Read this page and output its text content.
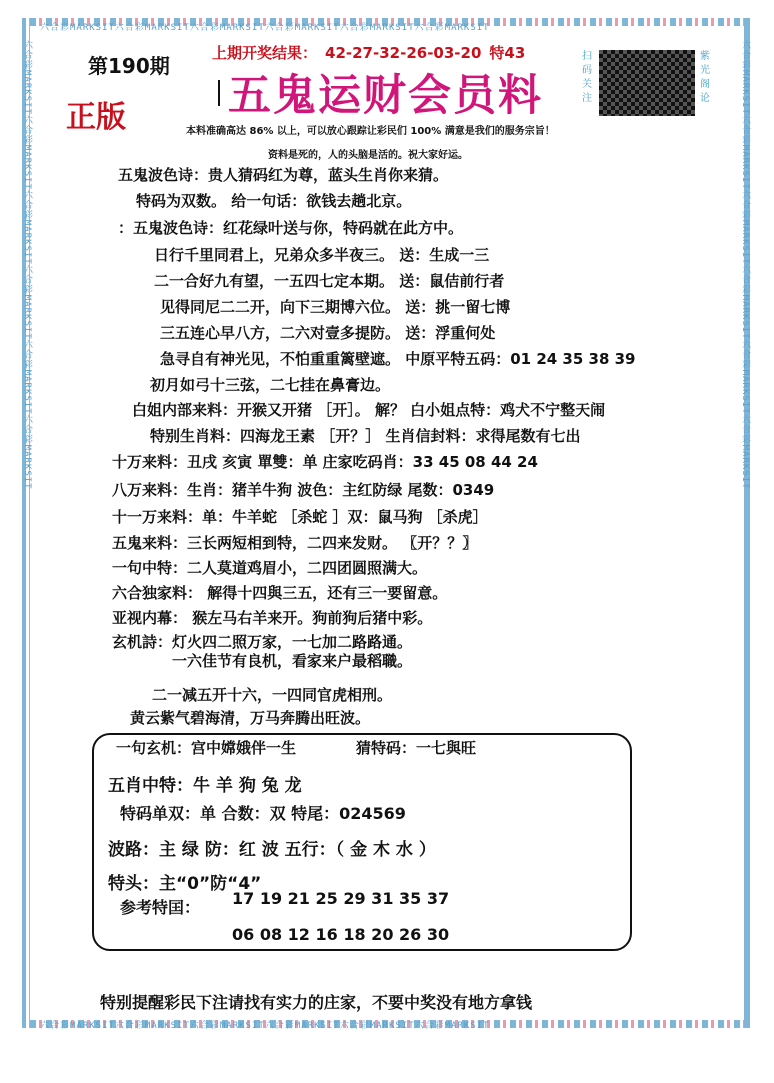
六合彩MARKSIT六合彩MARKSIT六合彩MARKSIT六合彩MARKSIT六合彩MARKSIT六合彩MARKSIT
六合彩MARKSIT六合彩MARKSIT六合彩MARKSIT六合彩MARKSIT六合彩MARKSIT六合彩MARKSIT
六合彩MARKSIT六合彩MARKSIT六合彩MARKSIT六合彩MARKSIT六合彩MARKSIT六合彩MARKSIT	六合彩MARKSIT六合彩MARKSIT六合彩MARKSIT六合彩MARKSIT六合彩MARKSIT六合彩MARKSIT
第190期
正版
上期开奖结果： 42-27-32-26-03-20 特43
五鬼运财会员料
扫码关注
紫光阁论
本料准确高达 86% 以上，可以放心跟踪让彩民们 100% 满意是我们的服务宗旨！
资料是死的，人的头脑是活的。祝大家好运。
五鬼波色诗：贵人猜码红为尊，蓝头生肖你来猜。
特码为双数。 给一句话：欲钱去趟北京。
：五鬼波色诗：红花绿叶送与你，特码就在此方中。
日行千里同君上，兄弟众多半夜三。 送：生成一三
二一合好九有望，一五四七定本期。 送：鼠佶前行者
见得同尼二二开，向下三期博六位。 送：挑一留七博
三五连心早八方，二六对壹多提防。 送：浮重何处
急寻自有神光见，不怕重重篱壁遮。 中原平特五码：01 24 35 38 39
初月如弓十三弦，二七挂在鼻膏边。
白姐内部来料：开猴又开猪 ［开］。 解？ 白小姐点特：鸡犬不宁整天闹
特别生肖料：四海龙王素 ［开？］ 生肖信封料：求得尾数有七出
十万来料：丑戌 亥寅 單雙：单 庄家吃码肖：33 45 08 44 24
八万来料：生肖：猪羊牛狗 波色：主红防绿 尾数：0349
十一万来料：单：牛羊蛇 ［杀蛇 ］双：鼠马狗 ［杀虎］
五鬼来料：三长两短相到特，二四来发财。 〖开？？〗
一句中特：二人莫道鸡眉小，二四团圆照满大。
六合独家料： 解得十四與三五，还有三一要留意。
亚视内幕： 猴左马右羊来开。狗前狗后猪中彩。
玄机詩：灯火四二照万家，一七加二路路通。
一六佳节有良机，看家来户最稻職。
二一减五开十六，一四同官虎相刑。
黄云紫气碧海清，万马奔腾出旺波。
一句玄机：宫中嫦娥伴一生	猜特码：一七與旺
五肖中特：牛 羊 狗 兔 龙
特码单双：单 合数：双 特尾：024569
波路：主 绿 防：红 波 五行：（ 金 木 水 ）
特头：主“0”防“4”
参考特囯： 17 19 21 25 29 31 35 37
06 08 12 16 18 20 26 30
特别提醒彩民下注请找有实力的庄家，不要中奖没有地方拿钱
